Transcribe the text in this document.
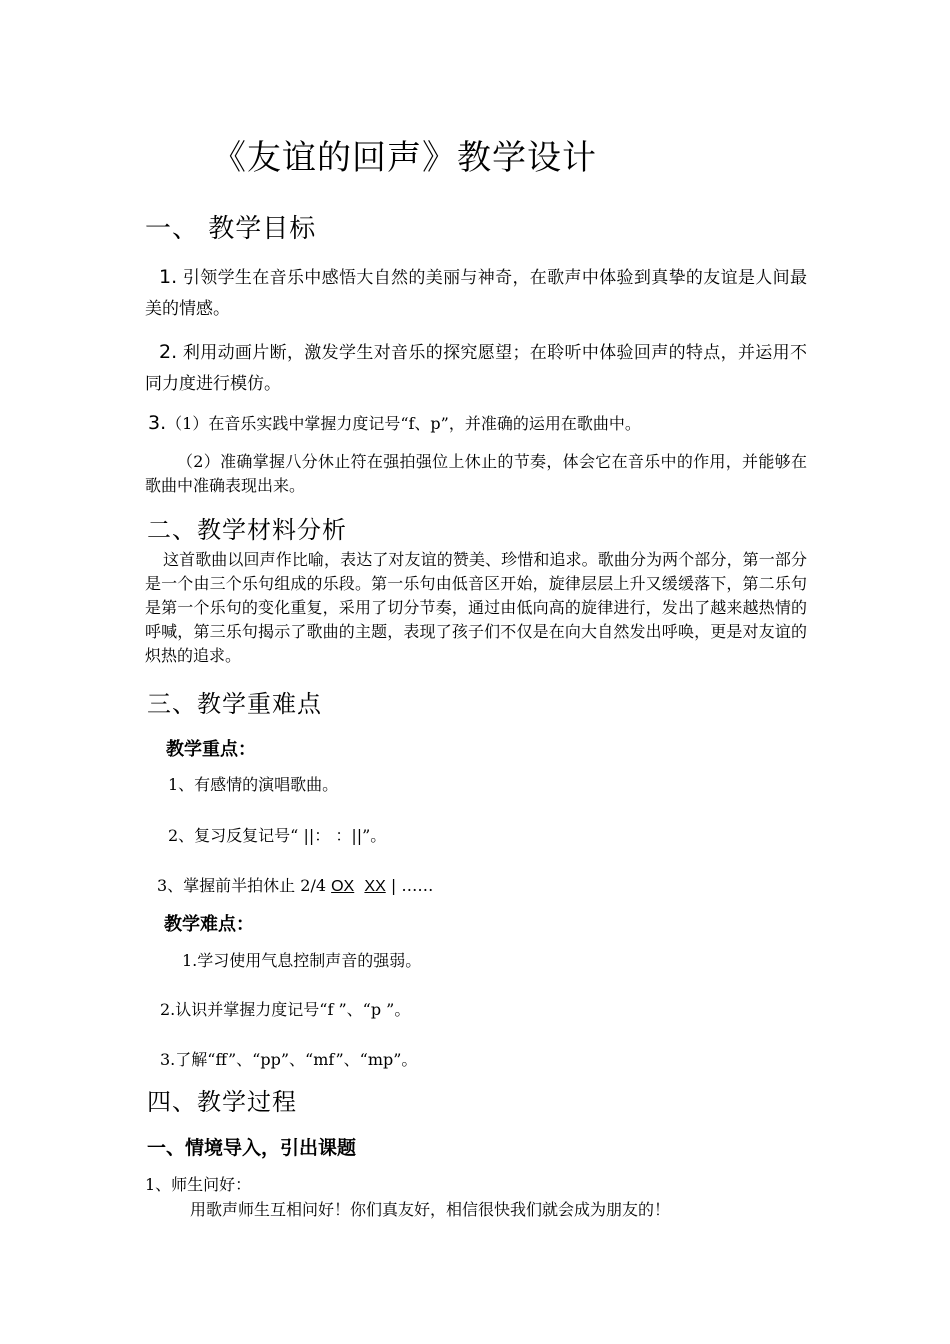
《友谊的回声》教学设计
一、 教学目标
1. 引领学生在音乐中感悟大自然的美丽与神奇，在歌声中体验到真挚的友谊是人间最美的情感。
2. 利用动画片断，激发学生对音乐的探究愿望；在聆听中体验回声的特点，并运用不同力度进行模仿。
3.（1）在音乐实践中掌握力度记号“f、p”，并准确的运用在歌曲中。
（2）准确掌握八分休止符在强拍强位上休止的节奏，体会它在音乐中的作用，并能够在歌曲中准确表现出来。
二、教学材料分析
这首歌曲以回声作比喻，表达了对友谊的赞美、珍惜和追求。歌曲分为两个部分，第一部分是一个由三个乐句组成的乐段。第一乐句由低音区开始，旋律层层上升又缓缓落下，第二乐句是第一个乐句的变化重复，采用了切分节奏，通过由低向高的旋律进行，发出了越来越热情的呼喊，第三乐句揭示了歌曲的主题，表现了孩子们不仅是在向大自然发出呼唤，更是对友谊的炽热的追求。
三、教学重难点
教学重点：
1、有感情的演唱歌曲。
2、复习反复记号“ ||： ：||”。
3、掌握前半拍休止 2/4 OX XX | ……
教学难点：
1.学习使用气息控制声音的强弱。
2.认识并掌握力度记号“f ”、“p ”。
3.了解“ff”、“pp”、“mf”、“mp”。
四、教学过程
一、情境导入，引出课题
1、师生问好：
用歌声师生互相问好！你们真友好，相信很快我们就会成为朋友的！
